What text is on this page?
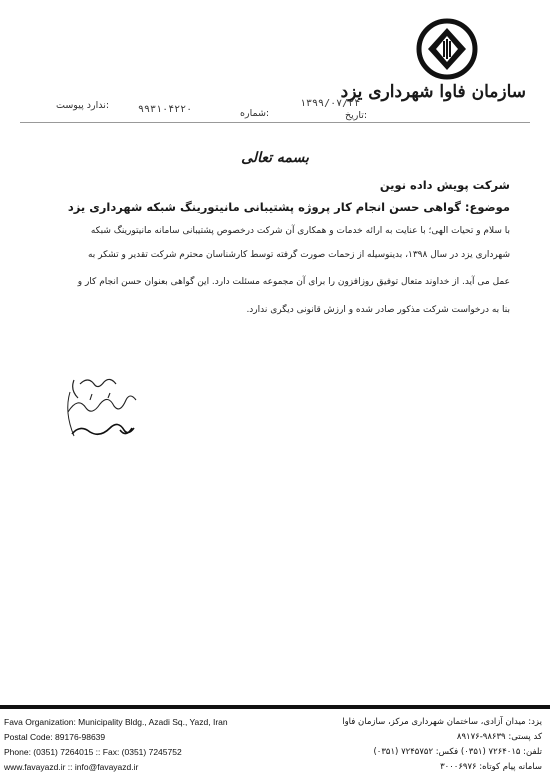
سازمان فاوا شهرداری یزد
۱۳۹۹/۰۷/۲۴
تاریخ:
۹۹۳۱۰۴۲۲۰	شماره:
ندارد پیوست:
بسمه تعالی
شرکت پویش داده نوین
موضوع: گواهی حسن انجام کار پروژه پشتیبانی مانیتورینگ شبکه شهرداری یزد
با سلام و تحیات الهی؛ با عنایت به ارائه خدمات و همکاری آن شرکت درخصوص پشتیبانی سامانه مانیتورینگ شبکه
شهرداری یزد در سال ۱۳۹۸، بدینوسیله از زحمات صورت گرفته توسط کارشناسان محترم شرکت تقدیر و تشکر به
عمل می آید. از خداوند متعال توفیق روزافزون را برای آن مجموعه مسئلت دارد. این گواهی بعنوان حسن انجام کار و
بنا به درخواست شرکت مذکور صادر شده و ارزش قانونی دیگری ندارد.
Fava Organization: Municipality Bldg., Azadi Sq., Yazd, Iran
Postal Code: 89176-98639
Phone: (0351) 7264015 :: Fax: (0351) 7245752
www.favayazd.ir :: info@favayazd.ir
یزد: میدان آزادی، ساختمان شهرداری مرکز، سازمان فاوا
کد پستی: ۹۸۶۳۹-۸۹۱۷۶
تلفن: ۷۲۶۴۰۱۵ (۰۳۵۱) فکس: ۷۲۴۵۷۵۲ (۰۳۵۱)
سامانه پیام کوتاه: ۳۰۰۰۶۹۷۶
